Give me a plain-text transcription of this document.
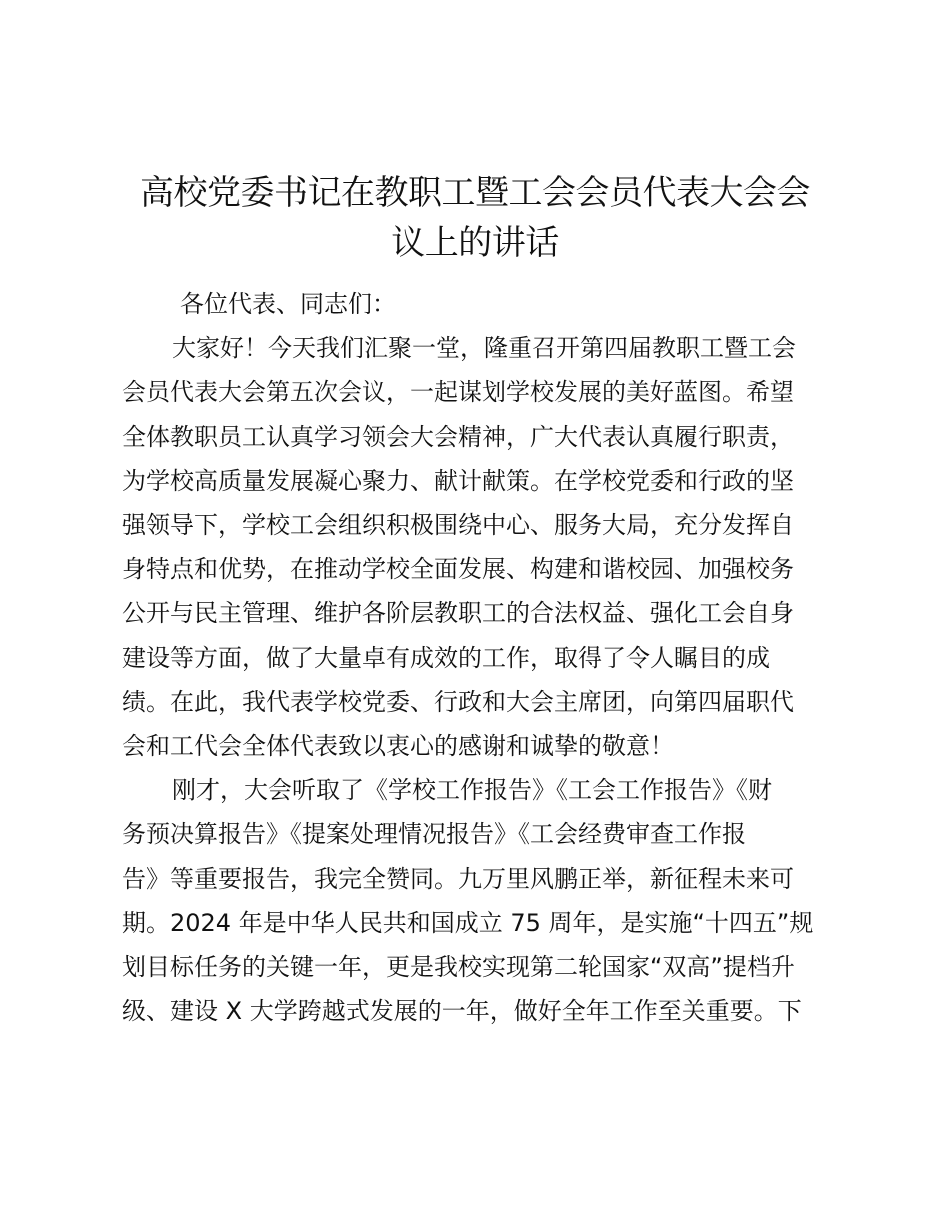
高校党委书记在教职工暨工会会员代表大会会
议上的讲话
各位代表、同志们：
大家好！今天我们汇聚一堂，隆重召开第四届教职工暨工会
会员代表大会第五次会议，一起谋划学校发展的美好蓝图。希望
全体教职员工认真学习领会大会精神，广大代表认真履行职责，
为学校高质量发展凝心聚力、献计献策。在学校党委和行政的坚
强领导下，学校工会组织积极围绕中心、服务大局，充分发挥自
身特点和优势，在推动学校全面发展、构建和谐校园、加强校务
公开与民主管理、维护各阶层教职工的合法权益、强化工会自身
建设等方面，做了大量卓有成效的工作，取得了令人瞩目的成
绩。在此，我代表学校党委、行政和大会主席团，向第四届职代
会和工代会全体代表致以衷心的感谢和诚挚的敬意！
刚才，大会听取了《学校工作报告》《工会工作报告》《财
务预决算报告》《提案处理情况报告》《工会经费审查工作报
告》等重要报告，我完全赞同。九万里风鹏正举，新征程未来可
期。2024 年是中华人民共和国成立 75 周年，是实施“十四五”规
划目标任务的关键一年，更是我校实现第二轮国家“双高”提档升
级、建设 X 大学跨越式发展的一年，做好全年工作至关重要。下
